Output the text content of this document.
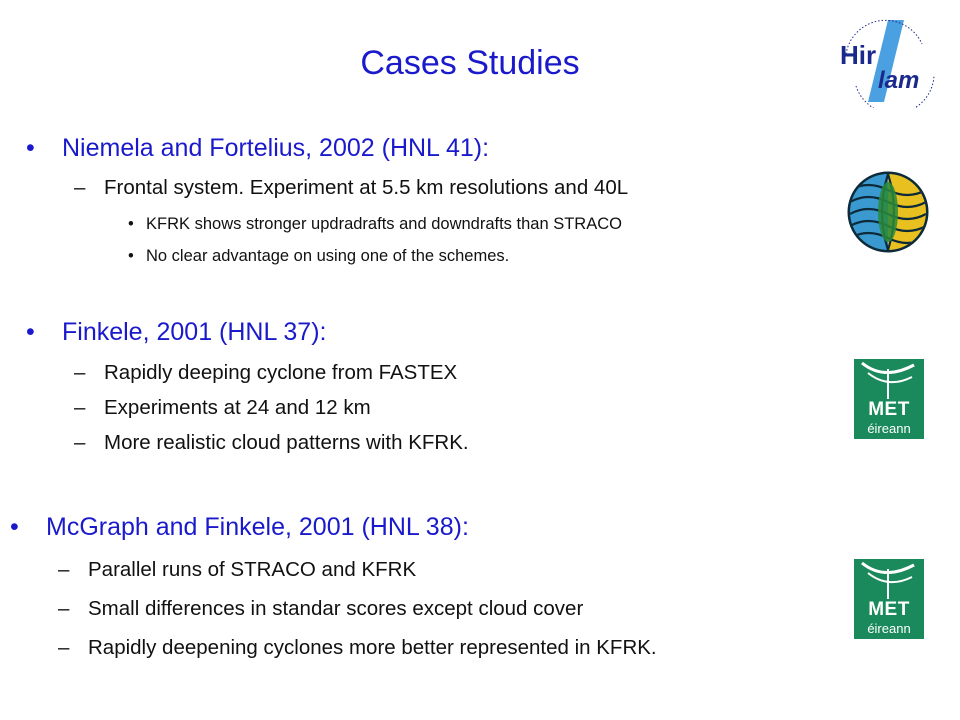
Cases Studies
• Niemela and Fortelius, 2002 (HNL 41):
– Frontal system. Experiment at 5.5 km resolutions and 40L
• KFRK shows stronger updradrafts and downdrafts than STRACO
• No clear advantage on using one of the schemes.
• Finkele, 2001 (HNL 37):
– Rapidly deeping cyclone from FASTEX
– Experiments at 24 and 12 km
– More realistic cloud patterns with KFRK.
• McGraph and Finkele, 2001 (HNL 38):
– Parallel runs of STRACO and KFRK
– Small differences in standar scores except cloud cover
– Rapidly deepening cyclones more better represented in KFRK.
Hir
lam
MET
éireann
MET
éireann
